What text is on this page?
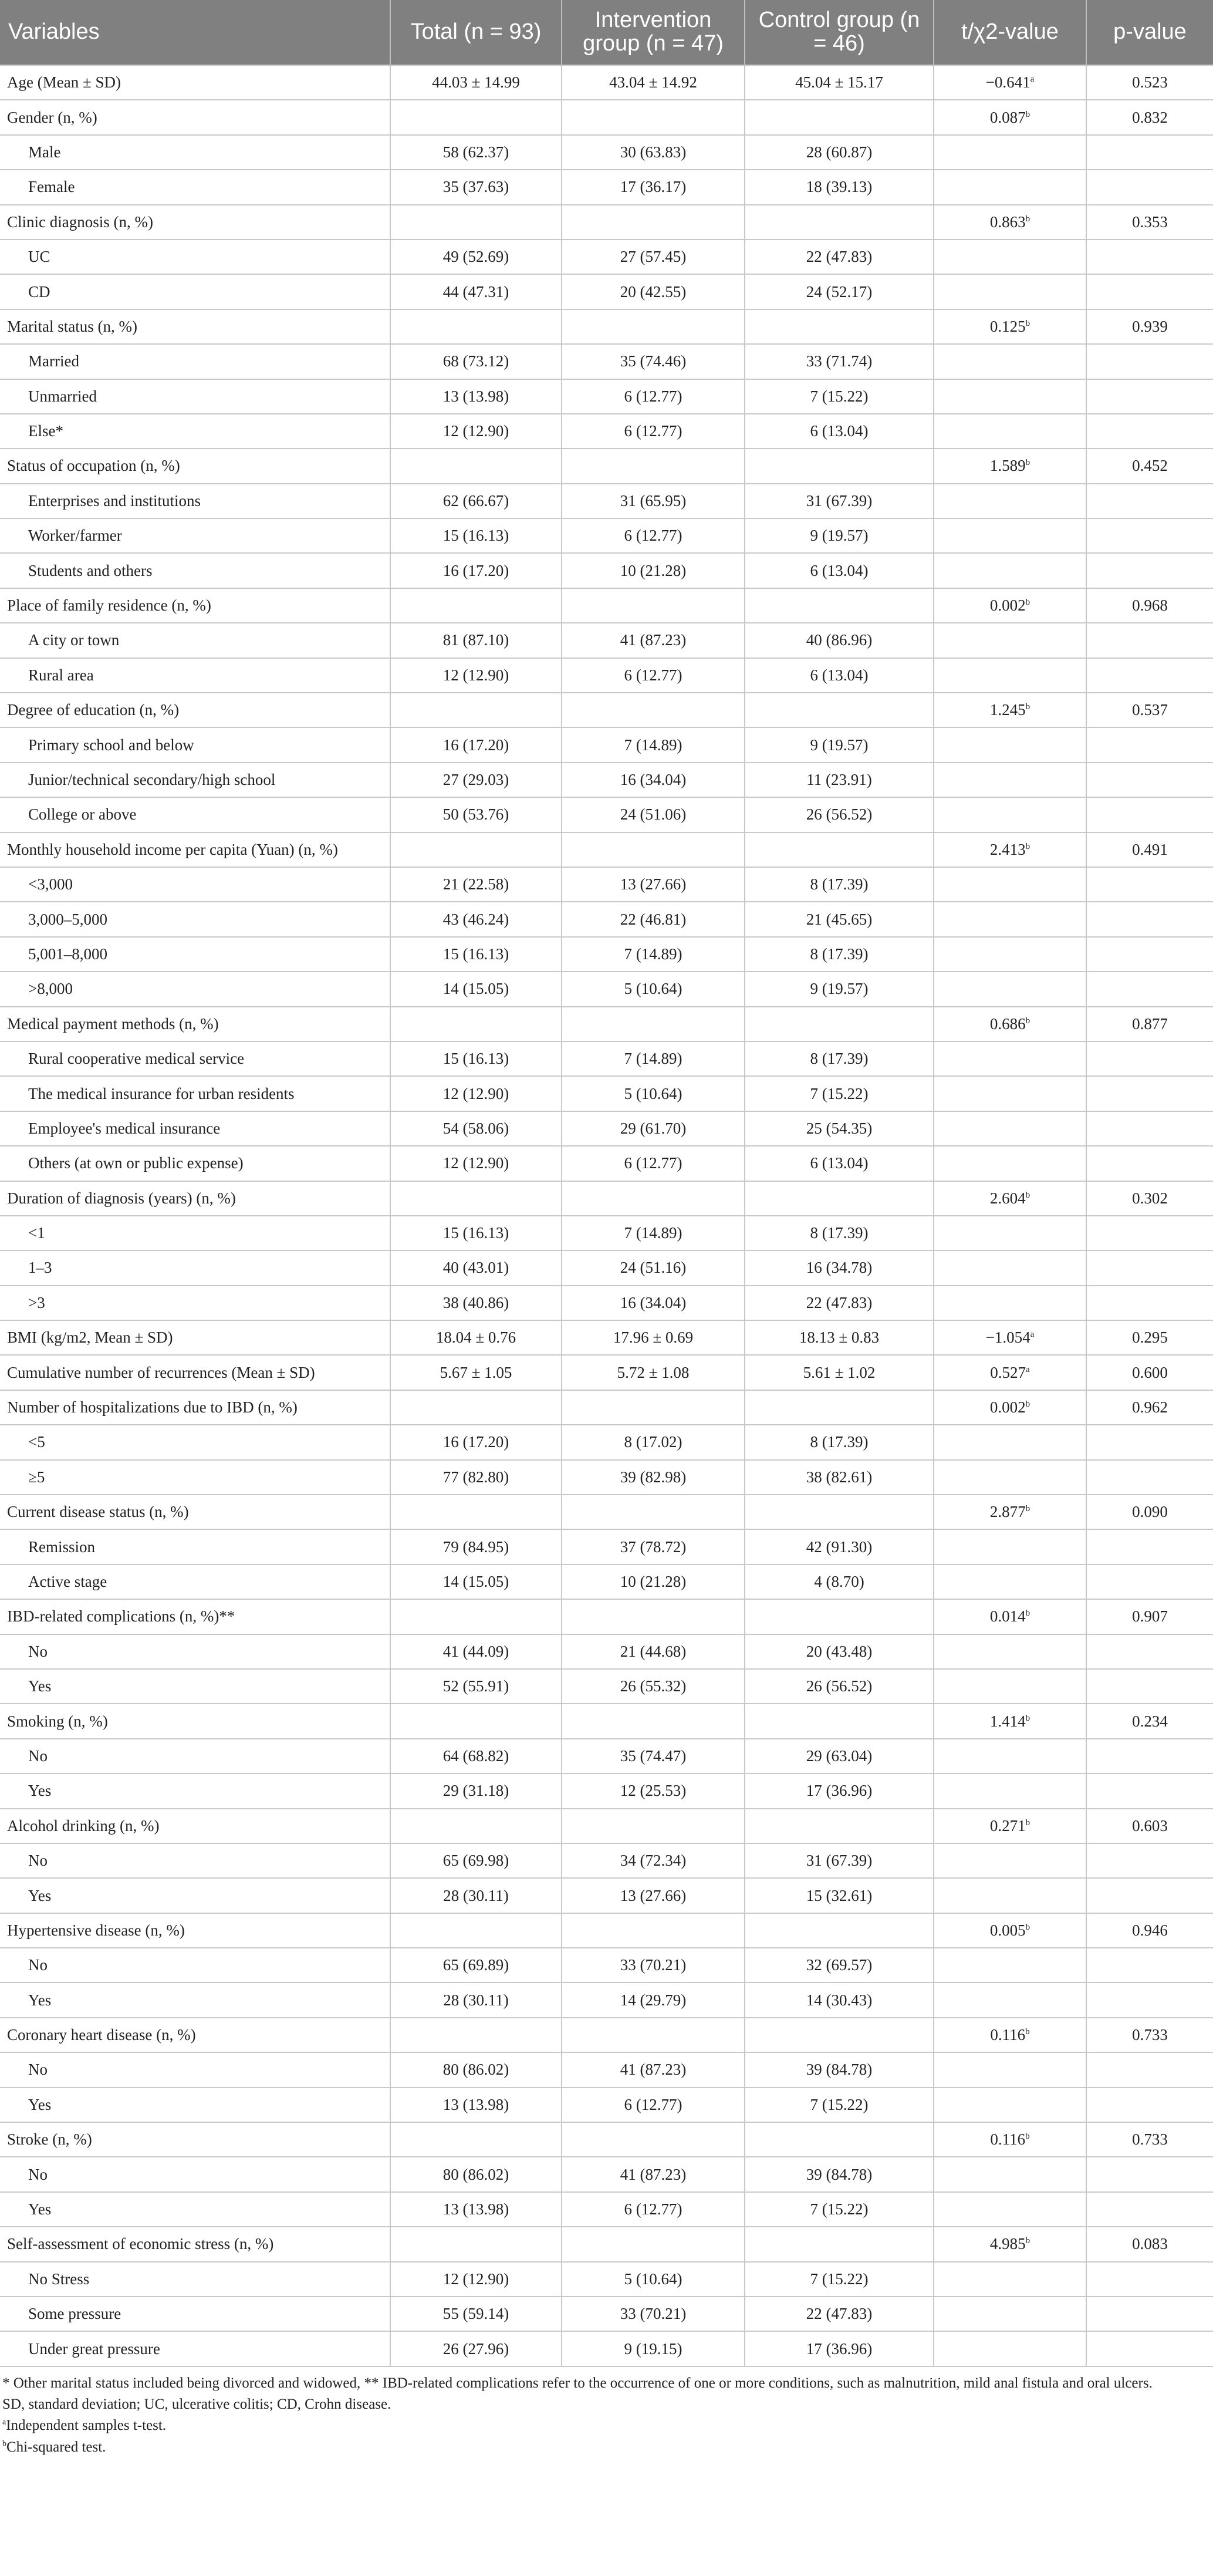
Variables	Total (n = 93)	Intervention group (n = 47)	Control group (n = 46)	t/χ2-value	p-value
Age (Mean ± SD)	44.03 ± 14.99	43.04 ± 14.92	45.04 ± 15.17	−0.641$^a$	0.523
Gender (n, %)				0.087$^b$	0.832
Male	58 (62.37)	30 (63.83)	28 (60.87)		
Female	35 (37.63)	17 (36.17)	18 (39.13)		
Clinic diagnosis (n, %)				0.863$^b$	0.353
UC	49 (52.69)	27 (57.45)	22 (47.83)		
CD	44 (47.31)	20 (42.55)	24 (52.17)		
Marital status (n, %)				0.125$^b$	0.939
Married	68 (73.12)	35 (74.46)	33 (71.74)		
Unmarried	13 (13.98)	6 (12.77)	7 (15.22)		
Else*	12 (12.90)	6 (12.77)	6 (13.04)		
Status of occupation (n, %)				1.589$^b$	0.452
Enterprises and institutions	62 (66.67)	31 (65.95)	31 (67.39)		
Worker/farmer	15 (16.13)	6 (12.77)	9 (19.57)		
Students and others	16 (17.20)	10 (21.28)	6 (13.04)		
Place of family residence (n, %)				0.002$^b$	0.968
A city or town	81 (87.10)	41 (87.23)	40 (86.96)		
Rural area	12 (12.90)	6 (12.77)	6 (13.04)		
Degree of education (n, %)				1.245$^b$	0.537
Primary school and below	16 (17.20)	7 (14.89)	9 (19.57)		
Junior/technical secondary/high school	27 (29.03)	16 (34.04)	11 (23.91)		
College or above	50 (53.76)	24 (51.06)	26 (56.52)		
Monthly household income per capita (Yuan) (n, %)				2.413$^b$	0.491
<3,000	21 (22.58)	13 (27.66)	8 (17.39)		
3,000–5,000	43 (46.24)	22 (46.81)	21 (45.65)		
5,001–8,000	15 (16.13)	7 (14.89)	8 (17.39)		
>8,000	14 (15.05)	5 (10.64)	9 (19.57)		
Medical payment methods (n, %)				0.686$^b$	0.877
Rural cooperative medical service	15 (16.13)	7 (14.89)	8 (17.39)		
The medical insurance for urban residents	12 (12.90)	5 (10.64)	7 (15.22)		
Employee's medical insurance	54 (58.06)	29 (61.70)	25 (54.35)		
Others (at own or public expense)	12 (12.90)	6 (12.77)	6 (13.04)		
Duration of diagnosis (years) (n, %)				2.604$^b$	0.302
<1	15 (16.13)	7 (14.89)	8 (17.39)		
1–3	40 (43.01)	24 (51.16)	16 (34.78)		
>3	38 (40.86)	16 (34.04)	22 (47.83)		
BMI (kg/m2, Mean ± SD)	18.04 ± 0.76	17.96 ± 0.69	18.13 ± 0.83	−1.054$^a$	0.295
Cumulative number of recurrences (Mean ± SD)	5.67 ± 1.05	5.72 ± 1.08	5.61 ± 1.02	0.527$^a$	0.600
Number of hospitalizations due to IBD (n, %)				0.002$^b$	0.962
<5	16 (17.20)	8 (17.02)	8 (17.39)		
≥5	77 (82.80)	39 (82.98)	38 (82.61)		
Current disease status (n, %)				2.877$^b$	0.090
Remission	79 (84.95)	37 (78.72)	42 (91.30)		
Active stage	14 (15.05)	10 (21.28)	4 (8.70)		
IBD-related complications (n, %)**				0.014$^b$	0.907
No	41 (44.09)	21 (44.68)	20 (43.48)		
Yes	52 (55.91)	26 (55.32)	26 (56.52)		
Smoking (n, %)				1.414$^b$	0.234
No	64 (68.82)	35 (74.47)	29 (63.04)		
Yes	29 (31.18)	12 (25.53)	17 (36.96)		
Alcohol drinking (n, %)				0.271$^b$	0.603
No	65 (69.98)	34 (72.34)	31 (67.39)		
Yes	28 (30.11)	13 (27.66)	15 (32.61)		
Hypertensive disease (n, %)				0.005$^b$	0.946
No	65 (69.89)	33 (70.21)	32 (69.57)		
Yes	28 (30.11)	14 (29.79)	14 (30.43)		
Coronary heart disease (n, %)				0.116$^b$	0.733
No	80 (86.02)	41 (87.23)	39 (84.78)		
Yes	13 (13.98)	6 (12.77)	7 (15.22)		
Stroke (n, %)				0.116$^b$	0.733
No	80 (86.02)	41 (87.23)	39 (84.78)		
Yes	13 (13.98)	6 (12.77)	7 (15.22)		
Self-assessment of economic stress (n, %)				4.985$^b$	0.083
No Stress	12 (12.90)	5 (10.64)	7 (15.22)		
Some pressure	55 (59.14)	33 (70.21)	22 (47.83)		
Under great pressure	26 (27.96)	9 (19.15)	17 (36.96)		

* Other marital status included being divorced and widowed, ** IBD-related complications refer to the occurrence of one or more conditions, such as malnutrition, mild anal fistula and oral ulcers.

SD, standard deviation; UC, ulcerative colitis; CD, Crohn disease.

$^a$Independent samples t-test.

$^b$Chi-squared test.
